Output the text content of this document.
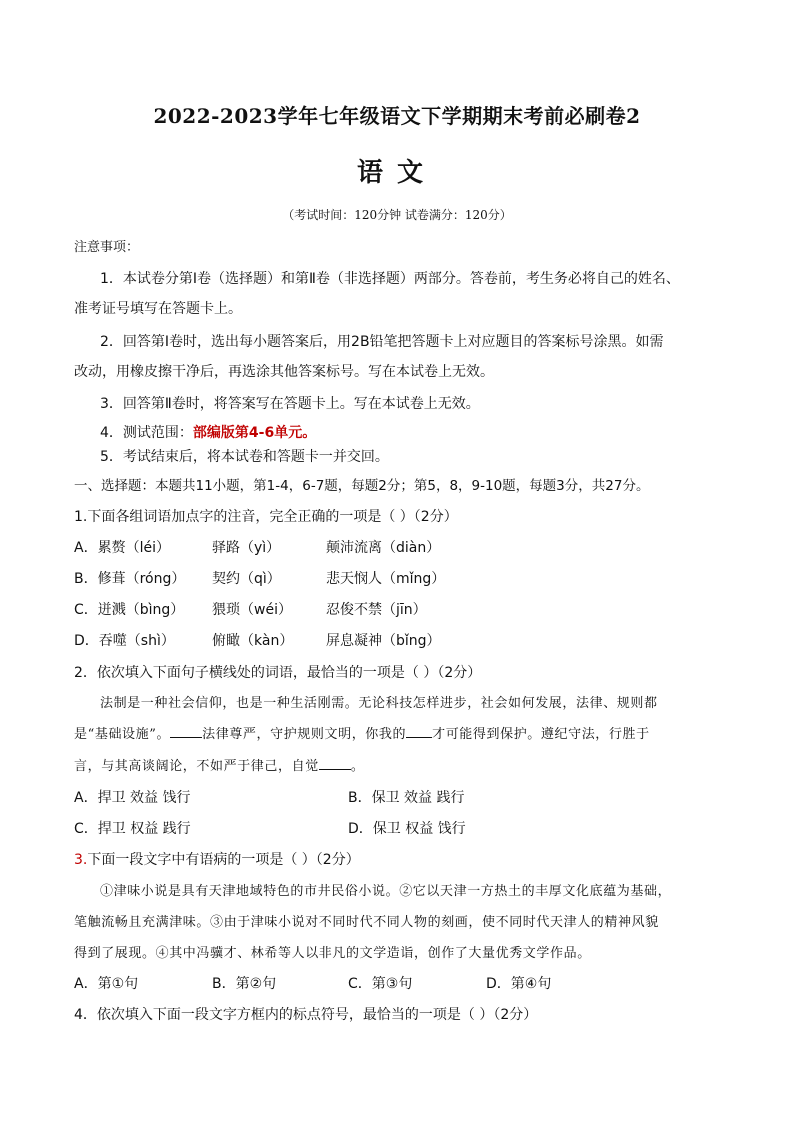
2022-2023学年七年级语文下学期期末考前必刷卷2
语文
（考试时间：120分钟 试卷满分：120分）
注意事项：
1．本试卷分第Ⅰ卷（选择题）和第Ⅱ卷（非选择题）两部分。答卷前，考生务必将自己的姓名、
准考证号填写在答题卡上。
2．回答第Ⅰ卷时，选出每小题答案后，用2B铅笔把答题卡上对应题目的答案标号涂黑。如需
改动，用橡皮擦干净后，再选涂其他答案标号。写在本试卷上无效。
3．回答第Ⅱ卷时，将答案写在答题卡上。写在本试卷上无效。
4．测试范围：部编版第4-6单元。
5．考试结束后，将本试卷和答题卡一并交回。
一、选择题：本题共11小题，第1-4，6-7题，每题2分；第5，8，9-10题，每题3分，共27分。
1.下面各组词语加点字的注音，完全正确的一项是（ ）（2分）
A．累赘（léi）	驿路（yì）	颠沛流离（diàn）
B．修葺（róng） 契约（qì）	悲天悯人（mǐng）
C．迸溅（bìng） 猥琐（wéi） 忍俊不禁（jīn）
D．吞噬（shì）	俯瞰（kàn） 屏息凝神（bǐng）
2．依次填入下面句子横线处的词语，最恰当的一项是（ ）（2分）
法制是一种社会信仰，也是一种生活刚需。无论科技怎样进步，社会如何发展，法律、规则都
是“基础设施”。 法律尊严，守护规则文明，你我的 才可能得到保护。遵纪守法，行胜于
言，与其高谈阔论，不如严于律己，自觉 。
A．捍卫 效益 饯行	B．保卫 效益 践行
C．捍卫 权益 践行	D．保卫 权益 饯行
3.下面一段文字中有语病的一项是（ ）（2分）
①津味小说是具有天津地域特色的市井民俗小说。②它以天津一方热土的丰厚文化底蕴为基础，
笔触流畅且充满津味。③由于津味小说对不同时代不同人物的刻画，使不同时代天津人的精神风貌
得到了展现。④其中冯骥才、林希等人以非凡的文学造诣，创作了大量优秀文学作品。
A．第①句	B．第②句	C．第③句	D．第④句
4．依次填入下面一段文字方框内的标点符号，最恰当的一项是（ ）（2分）
